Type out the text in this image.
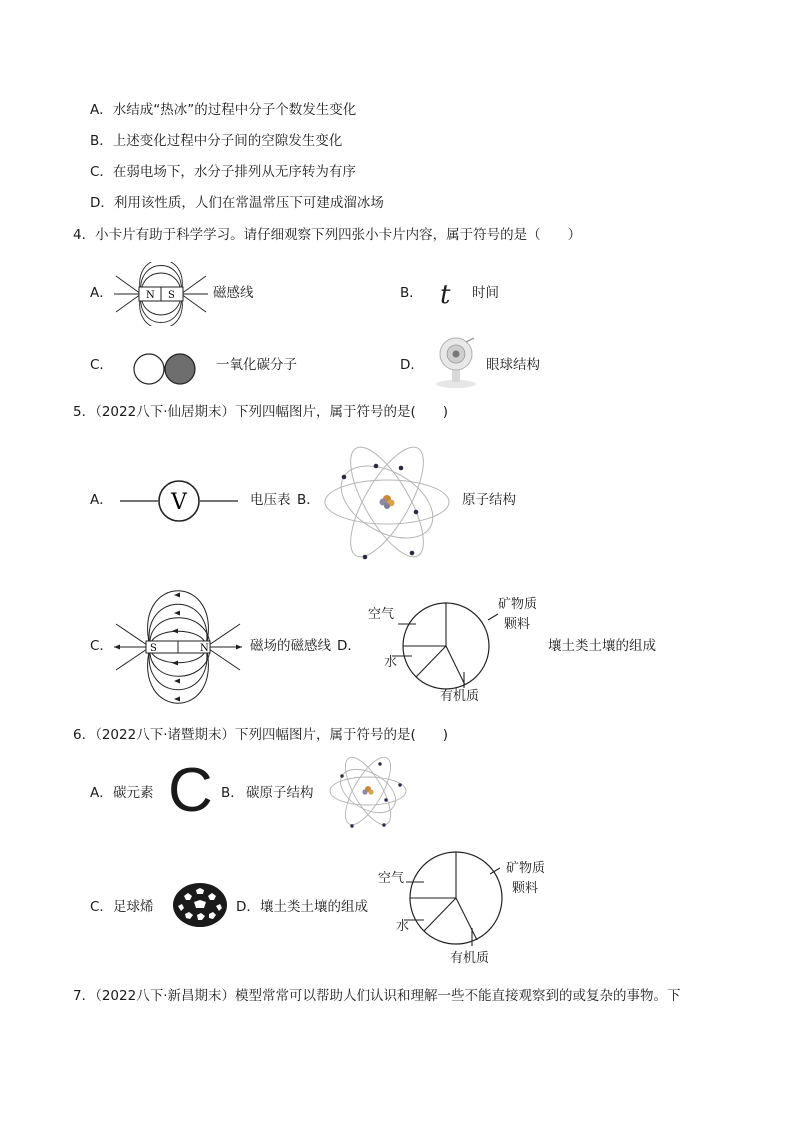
A．水结成“热冰”的过程中分子个数发生变化
B．上述变化过程中分子间的空隙发生变化
C．在弱电场下，水分子排列从无序转为有序
D．利用该性质，人们在常温常压下可建成溜冰场
4．小卡片有助于科学学习。请仔细观察下列四张小卡片内容，属于符号的是（　　）
A．	N S	磁感线	B． t 时间
C．	一氧化碳分子	D．	眼球结构
5．（2022八下·仙居期末）下列四幅图片，属于符号的是(　　)
A．	V	电压表 B．	原子结构
C．	S	N	磁场的磁感线 D．
空气
矿物质
颗料
水
有机质
壤土类土壤的组成
6．（2022八下·诸暨期末）下列四幅图片，属于符号的是(　　)
A． 碳元素 C B． 碳原子结构
C． 足球烯	D． 壤土类土壤的组成
空气
矿物质
颗料
水
有机质
7．（2022八下·新昌期末）模型常常可以帮助人们认识和理解一些不能直接观察到的或复杂的事物。下
